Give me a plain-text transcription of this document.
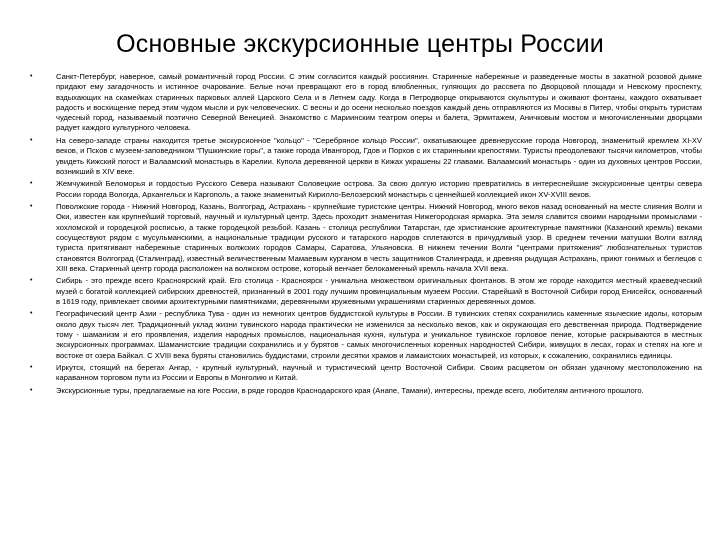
Основные экскурсионные центры России
•	Санкт-Петербург, наверное, самый романтичный город России. С этим согласится каждый россиянин. Старинные набережные и разведенные мосты в закатной розовой дымке придают ему загадочность и истинное очарование. Белые ночи превращают его в город влюбленных, гуляющих до рассвета по Дворцовой площади и Невскому проспекту, вздыхающих на скамейках старинных парковых аллей Царского Села и в Летнем саду. Когда в Петродворце открываются скульптуры и оживают фонтаны, каждого охватывает радость и восхищение перед этим чудом мысли и рук человеческих. С весны и до осени несколько поездов каждый день отправляются из Москвы в Питер, чтобы открыть туристам чудесный город, называемый поэтично Северной Венецией. Знакомство с Мариинским театром оперы и балета, Эрмитажем, Аничковым мостом и многочисленными дворцами радует каждого культурного человека.
•	На северо-западе страны находится третье экскурсионное "кольцо" - "Серебряное кольцо России", охватывающее древнерусские города Новгород, знаменитый кремлем XI-XV веков, и Псков с музеем-заповедником "Пушкинские горы", а также города Ивангород, Гдов и Порхов с их старинными крепостями. Туристы преодолевают тысячи километров, чтобы увидеть Кижский погост и Валаамский монастырь в Карелии. Купола деревянной церкви в Кижах украшены 22 главами. Валаамский монастырь - один из духовных центров России, возникший в XIV веке.
•	Жемчужиной Беломорья и гордостью Русского Севера называют Соловецкие острова. За свою долгую историю превратились в интереснейшие экскурсионные центры севера России города Вологда, Архангельск и Каргополь, а также знаменитый Кирилло-Белозерский монастырь с ценнейшей коллекцией икон XV-XVIII веков.
•	Поволжские города - Нижний Новгород, Казань, Волгоград, Астрахань - крупнейшие туристские центры. Нижний Новгород, много веков назад основанный на месте слияния Волги и Оки, известен как крупнейший торговый, научный и культурный центр. Здесь проходит знаменитая Нижегородская ярмарка. Эта земля славится своими народными промыслами - хохломской и городецкой росписью, а также городецкой резьбой. Казань - столица республики Татарстан, где христианские архитектурные памятники (Казанский кремль) веками сосуществуют рядом с мусульманскими, а национальные традиции русского и татарского народов сплетаются в причудливый узор. В среднем течении матушки Волги взгляд туриста притягивают набережные старинных волжских городов Самары, Саратова, Ульяновска. В нижнем течении Волги "центрами притяжения" любознательных туристов становятся Волгоград (Сталинград), известный величественным Мамаевым курганом в честь защитников Сталинграда, и древняя рыдущая Астрахань, приют гонимых и беглецов с XIII века. Старинный центр города расположен на волжском острове, который венчает белокаменный кремль начала XVII века.
•	Сибирь - это прежде всего Красноярский край. Его столица - Красноярск - уникальна множеством оригинальных фонтанов. В этом же городе находится местный краеведческий музей с богатой коллекцией сибирских древностей, признанный в 2001 году лучшим провинциальным музеем России. Старейший в Восточной Сибири город Енисейск, основанный в 1619 году, привлекает своими архитектурными памятниками, деревянными кружевными украшениями старинных деревянных домов.
•	Географический центр Азии - республика Тува - один из немногих центров буддистской культуры в России. В тувинских степях сохранились каменные языческие идолы, которым около двух тысяч лет. Традиционный уклад жизни тувинского народа практически не изменился за несколько веков, как и окружающая его девственная природа. Подтверждение тому - шаманизм и его проявления, изделия народных промыслов, национальная кухня, культура и уникальное тувинское горловое пение, которые раскрываются в местных экскурсионных программах. Шаманистские традиции сохранились и у бурятов - самых многочисленных коренных народностей Сибири, живущих в лесах, горах и степях на юге и востоке от озера Байкал. С XVIII века буряты становились буддистами, строили десятки храмов и ламаистских монастырей, из которых, к сожалению, сохранились единицы.
•	Иркутск, стоящий на берегах Ангар, - крупный культурный, научный и туристический центр Восточной Сибири. Своим расцветом он обязан удачному местоположению на караванном торговом пути из России и Европы в Монголию и Китай.
•	Экскурсионные туры, предлагаемые на юге России, в ряде городов Краснодарского края (Анапе, Тамани), интересны, прежде всего, любителям античного прошлого.
